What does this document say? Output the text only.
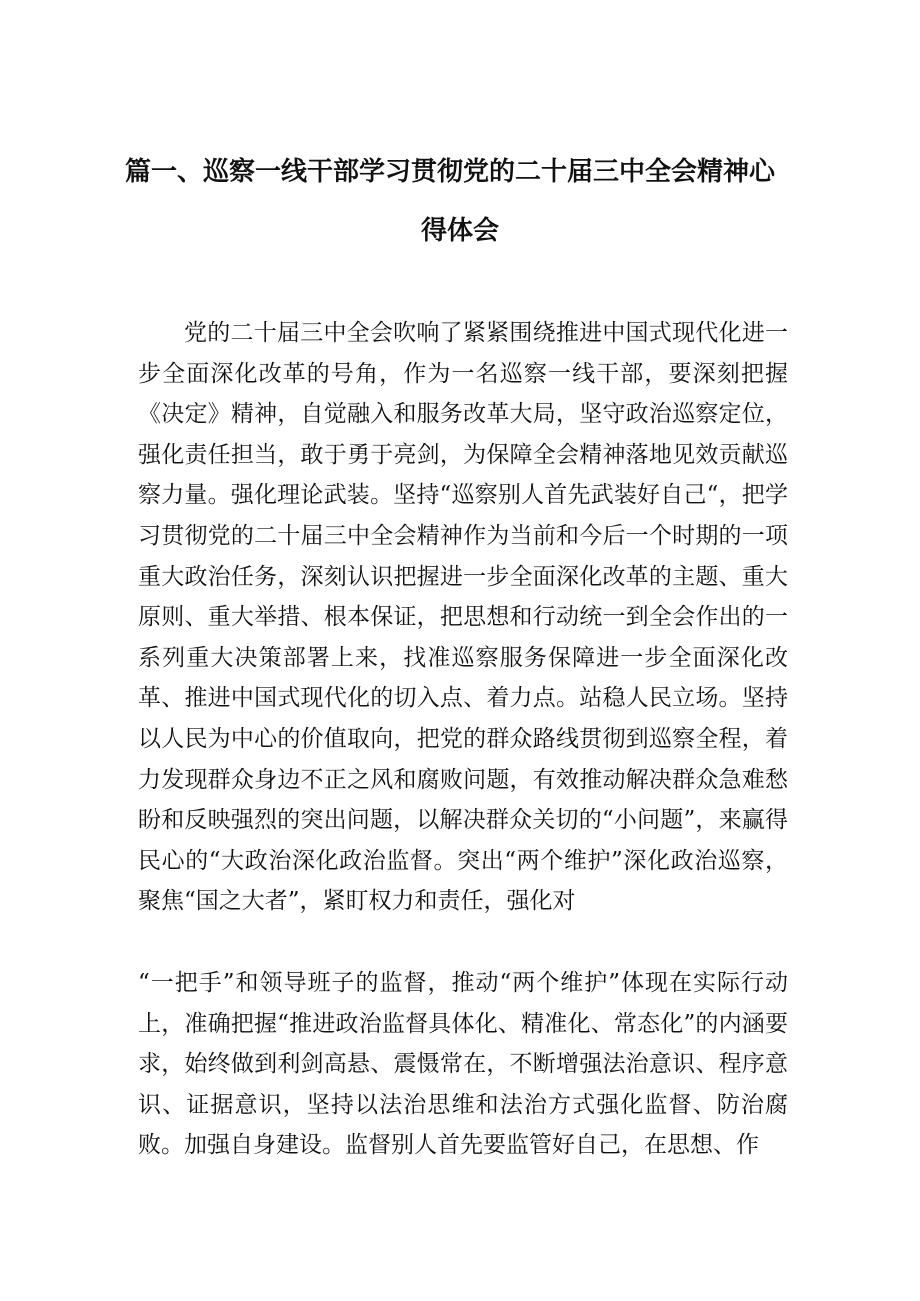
篇一、巡察一线干部学习贯彻党的二十届三中全会精神心
得体会

党的二十届三中全会吹响了紧紧围绕推进中国式现代化进一步全面深化改革的号角，作为一名巡察一线干部，要深刻把握《决定》精神，自觉融入和服务改革大局，坚守政治巡察定位，强化责任担当，敢于勇于亮剑，为保障全会精神落地见效贡献巡察力量。强化理论武装。坚持“巡察别人首先武装好自己“，把学习贯彻党的二十届三中全会精神作为当前和今后一个时期的一项重大政治任务，深刻认识把握进一步全面深化改革的主题、重大原则、重大举措、根本保证，把思想和行动统一到全会作出的一系列重大决策部署上来，找准巡察服务保障进一步全面深化改革、推进中国式现代化的切入点、着力点。站稳人民立场。坚持以人民为中心的价值取向，把党的群众路线贯彻到巡察全程，着力发现群众身边不正之风和腐败问题，有效推动解决群众急难愁盼和反映强烈的突出问题，以解决群众关切的“小问题”，来赢得民心的“大政治深化政治监督。突出“两个维护”深化政治巡察，聚焦“国之大者”，紧盯权力和责任，强化对

“一把手”和领导班子的监督，推动“两个维护”体现在实际行动上，准确把握“推进政治监督具体化、精准化、常态化”的内涵要求，始终做到利剑高悬、震慑常在，不断增强法治意识、程序意识、证据意识，坚持以法治思维和法治方式强化监督、防治腐败。加强自身建设。监督别人首先要监管好自己，在思想、作
